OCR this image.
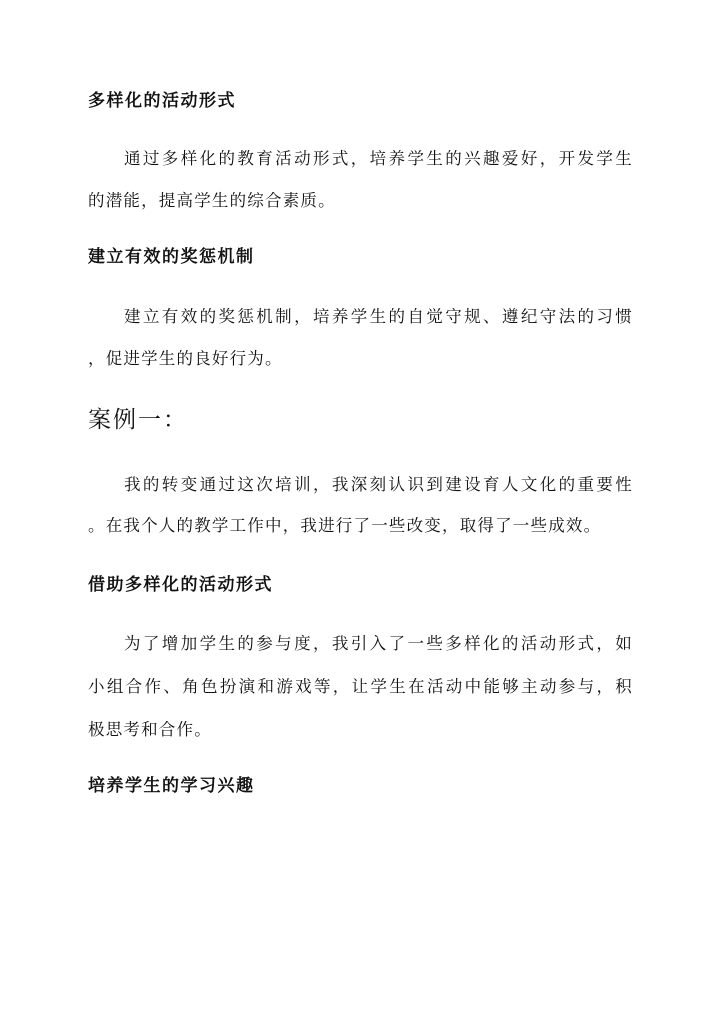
多样化的活动形式
通过多样化的教育活动形式，培养学生的兴趣爱好，开发学生
的潜能，提高学生的综合素质。
建立有效的奖惩机制
建立有效的奖惩机制，培养学生的自觉守规、遵纪守法的习惯
，促进学生的良好行为。
案例一：
我的转变通过这次培训，我深刻认识到建设育人文化的重要性
。在我个人的教学工作中，我进行了一些改变，取得了一些成效。
借助多样化的活动形式
为了增加学生的参与度，我引入了一些多样化的活动形式，如
小组合作、角色扮演和游戏等，让学生在活动中能够主动参与，积
极思考和合作。
培养学生的学习兴趣
